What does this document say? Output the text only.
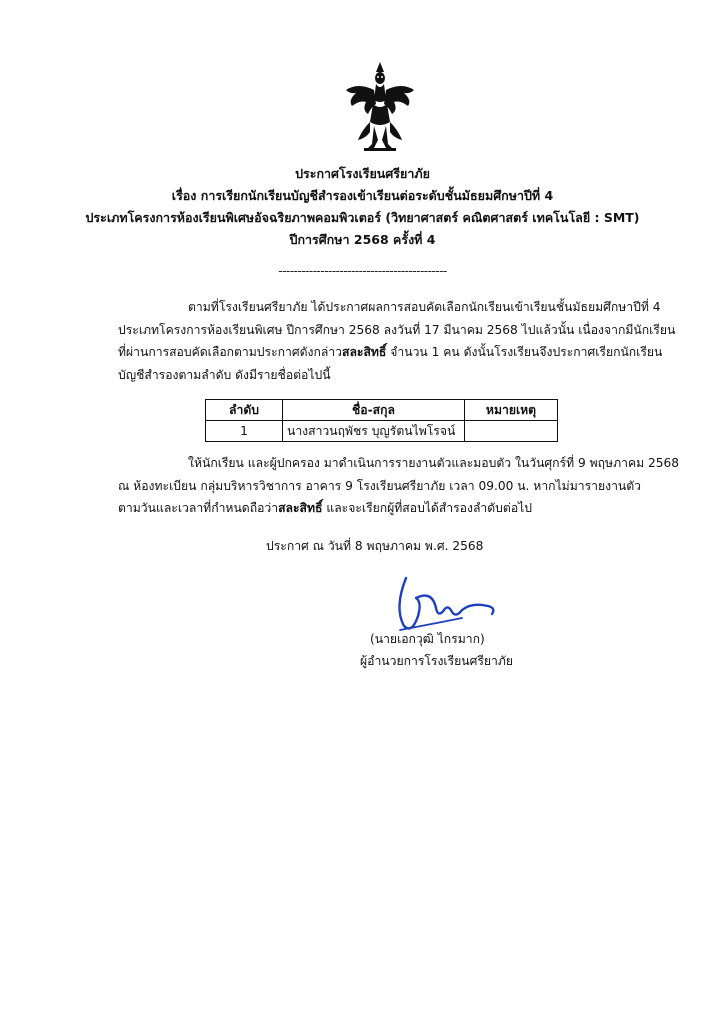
ประกาศโรงเรียนศรียาภัย
เรื่อง การเรียกนักเรียนบัญชีสำรองเข้าเรียนต่อระดับชั้นมัธยมศึกษาปีที่ 4
ประเภทโครงการห้องเรียนพิเศษอัจฉริยภาพคอมพิวเตอร์ (วิทยาศาสตร์ คณิตศาสตร์ เทคโนโลยี : SMT)
ปีการศึกษา 2568 ครั้งที่ 4
--------------------------------------------
ตามที่โรงเรียนศรียาภัย ได้ประกาศผลการสอบคัดเลือกนักเรียนเข้าเรียนชั้นมัธยมศึกษาปีที่ 4
ประเภทโครงการห้องเรียนพิเศษ ปีการศึกษา 2568 ลงวันที่ 17 มีนาคม 2568 ไปแล้วนั้น เนื่องจากมีนักเรียน
ที่ผ่านการสอบคัดเลือกตามประกาศดังกล่าวสละสิทธิ์ จำนวน 1 คน ดังนั้นโรงเรียนจึงประกาศเรียกนักเรียน
บัญชีสำรองตามลำดับ ดังมีรายชื่อต่อไปนี้
ลำดับ	ชื่อ-สกุล	หมายเหตุ
1	นางสาวนฤพัชร บุญรัตนไพโรจน์	
ให้นักเรียน และผู้ปกครอง มาดำเนินการรายงานตัวและมอบตัว ในวันศุกร์ที่ 9 พฤษภาคม 2568
ณ ห้องทะเบียน กลุ่มบริหารวิชาการ อาคาร 9 โรงเรียนศรียาภัย เวลา 09.00 น. หากไม่มารายงานตัว
ตามวันและเวลาที่กำหนดถือว่าสละสิทธิ์ และจะเรียกผู้ที่สอบได้สำรองลำดับต่อไป
ประกาศ ณ วันที่ 8 พฤษภาคม พ.ศ. 2568
(นายเอกวุฒิ ไกรมาก)
ผู้อำนวยการโรงเรียนศรียาภัย
